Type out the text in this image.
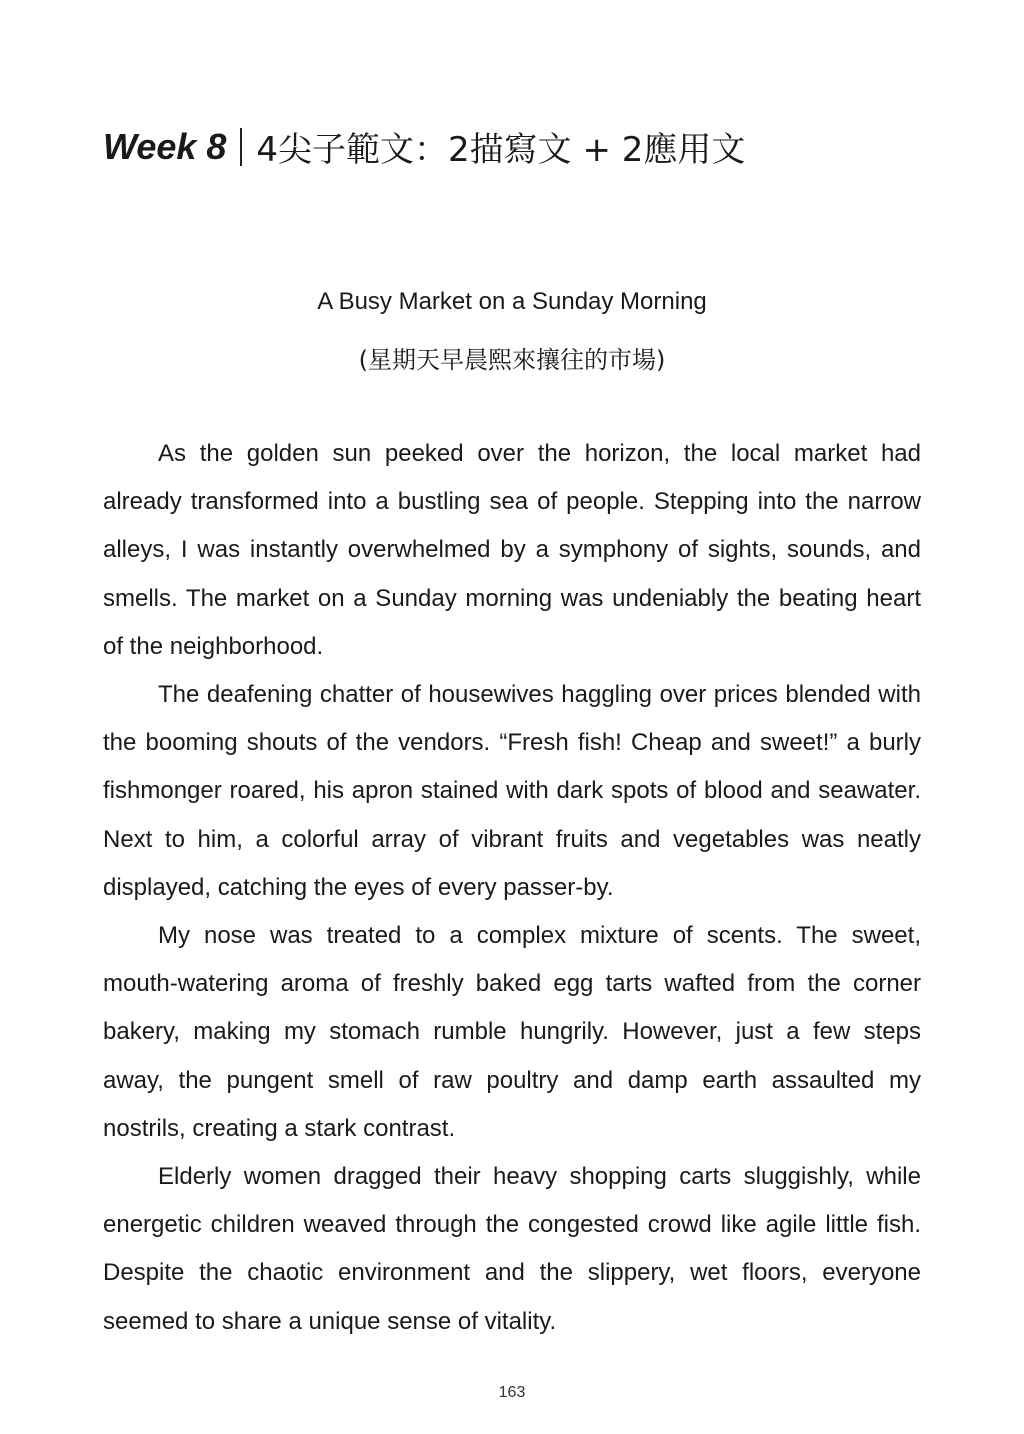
Week 8 4尖子範文：2描寫文 + 2應用文
A Busy Market on a Sunday Morning
(星期天早晨熙來攘往的市場)

As the golden sun peeked over the horizon, the local market had already transformed into a bustling sea of people. Stepping into the narrow alleys, I was instantly overwhelmed by a symphony of sights, sounds, and smells. The market on a Sunday morning was undeniably the beating heart of the neighborhood.

The deafening chatter of housewives haggling over prices blended with the booming shouts of the vendors. “Fresh fish! Cheap and sweet!” a burly fishmonger roared, his apron stained with dark spots of blood and seawater. Next to him, a colorful array of vibrant fruits and vegetables was neatly displayed, catching the eyes of every passer-by.

My nose was treated to a complex mixture of scents. The sweet, mouth-watering aroma of freshly baked egg tarts wafted from the corner bakery, making my stomach rumble hungrily. However, just a few steps away, the pungent smell of raw poultry and damp earth assaulted my nostrils, creating a stark contrast.

Elderly women dragged their heavy shopping carts sluggishly, while energetic children weaved through the congested crowd like agile little fish. Despite the chaotic environment and the slippery, wet floors, everyone seemed to share a unique sense of vitality.

163
